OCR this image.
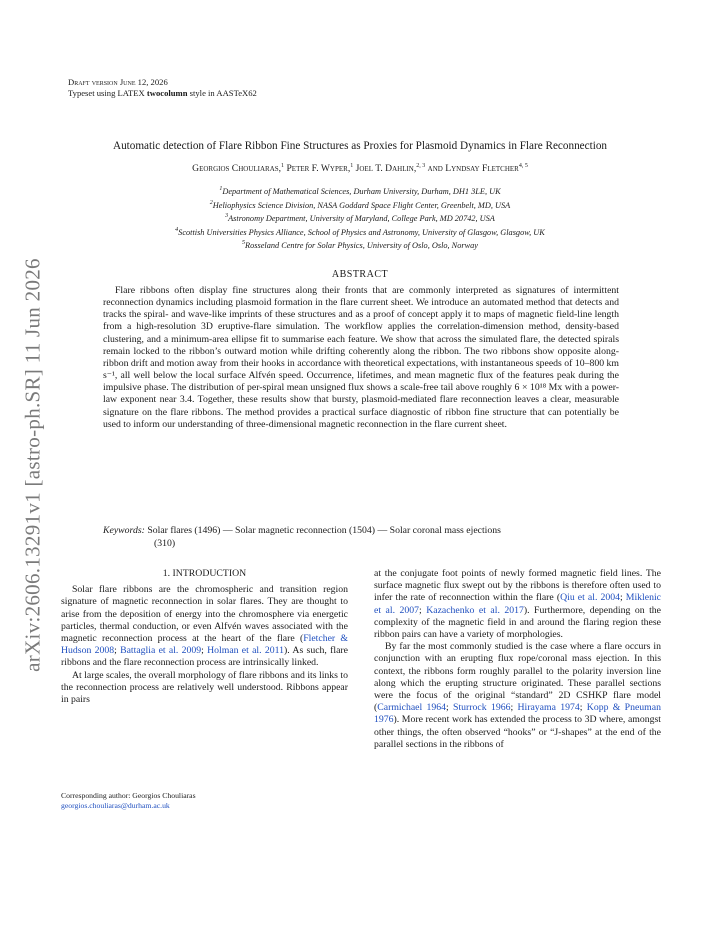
arXiv:2606.13291v1 [astro-ph.SR] 11 Jun 2026
Draft version June 12, 2026
Typeset using LATEX twocolumn style in AASTeX62
Automatic detection of Flare Ribbon Fine Structures as Proxies for Plasmoid Dynamics in Flare Reconnection
Georgios Chouliaras,$^1$ Peter F. Wyper,$^1$ Joel T. Dahlin,$^{2, 3}$ and Lyndsay Fletcher$^{4, 5}$
$^1$Department of Mathematical Sciences, Durham University, Durham, DH1 3LE, UK
$^2$Heliophysics Science Division, NASA Goddard Space Flight Center, Greenbelt, MD, USA
$^3$Astronomy Department, University of Maryland, College Park, MD 20742, USA
$^4$Scottish Universities Physics Alliance, School of Physics and Astronomy, University of Glasgow, Glasgow, UK
$^5$Rosseland Centre for Solar Physics, University of Oslo, Oslo, Norway
ABSTRACT
Flare ribbons often display fine structures along their fronts that are commonly interpreted as signatures of intermittent reconnection dynamics including plasmoid formation in the flare current sheet. We introduce an automated method that detects and tracks the spiral- and wave-like imprints of these structures and as a proof of concept apply it to maps of magnetic field-line length from a high-resolution 3D eruptive-flare simulation. The workflow applies the correlation-dimension method, density-based clustering, and a minimum-area ellipse fit to summarise each feature. We show that across the simulated flare, the detected spirals remain locked to the ribbon’s outward motion while drifting coherently along the ribbon. The two ribbons show opposite along-ribbon drift and motion away from their hooks in accordance with theoretical expectations, with instantaneous speeds of 10–800 km s⁻¹, all well below the local surface Alfvén speed. Occurrence, lifetimes, and mean magnetic flux of the features peak during the impulsive phase. The distribution of per-spiral mean unsigned flux shows a scale-free tail above roughly 6 × 10¹⁸ Mx with a power-law exponent near 3.4. Together, these results show that bursty, plasmoid-mediated flare reconnection leaves a clear, measurable signature on the flare ribbons. The method provides a practical surface diagnostic of ribbon fine structure that can potentially be used to inform our understanding of three-dimensional magnetic reconnection in the flare current sheet.
Keywords: Solar flares (1496) — Solar magnetic reconnection (1504) — Solar coronal mass ejections
(310)
1. INTRODUCTION

Solar flare ribbons are the chromospheric and transition region signature of magnetic reconnection in solar flares. They are thought to arise from the deposition of energy into the chromosphere via energetic particles, thermal conduction, or even Alfvén waves associated with the magnetic reconnection process at the heart of the flare (Fletcher & Hudson 2008; Battaglia et al. 2009; Holman et al. 2011). As such, flare ribbons and the flare reconnection process are intrinsically linked.

At large scales, the overall morphology of flare ribbons and its links to the reconnection process are relatively well understood. Ribbons appear in pairs

at the conjugate foot points of newly formed magnetic field lines. The surface magnetic flux swept out by the ribbons is therefore often used to infer the rate of reconnection within the flare (Qiu et al. 2004; Miklenic et al. 2007; Kazachenko et al. 2017). Furthermore, depending on the complexity of the magnetic field in and around the flaring region these ribbon pairs can have a variety of morphologies.

By far the most commonly studied is the case where a flare occurs in conjunction with an erupting flux rope/coronal mass ejection. In this context, the ribbons form roughly parallel to the polarity inversion line along which the erupting structure originated. These parallel sections were the focus of the original “standard” 2D CSHKP flare model (Carmichael 1964; Sturrock 1966; Hirayama 1974; Kopp & Pneuman 1976). More recent work has extended the process to 3D where, amongst other things, the often observed “hooks” or “J-shapes” at the end of the parallel sections in the ribbons of

Corresponding author: Georgios Chouliaras
georgios.chouliaras@durham.ac.uk
